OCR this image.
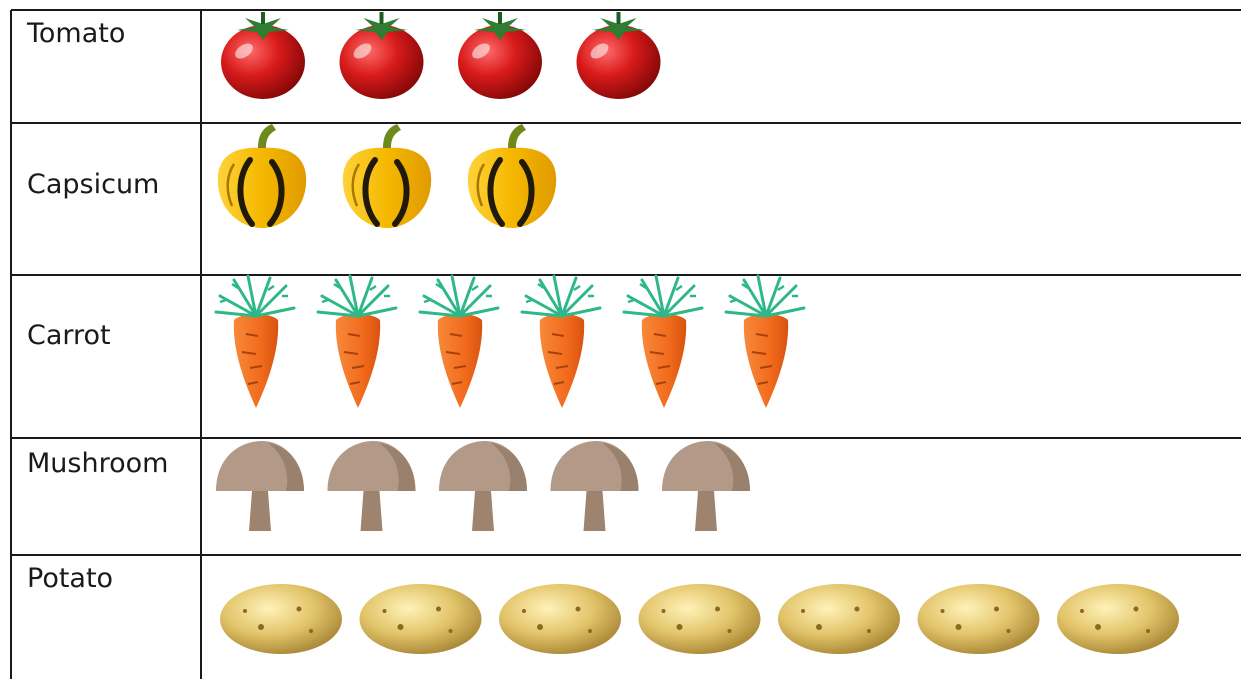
Tomato
Capsicum
Carrot
Mushroom
Potato
